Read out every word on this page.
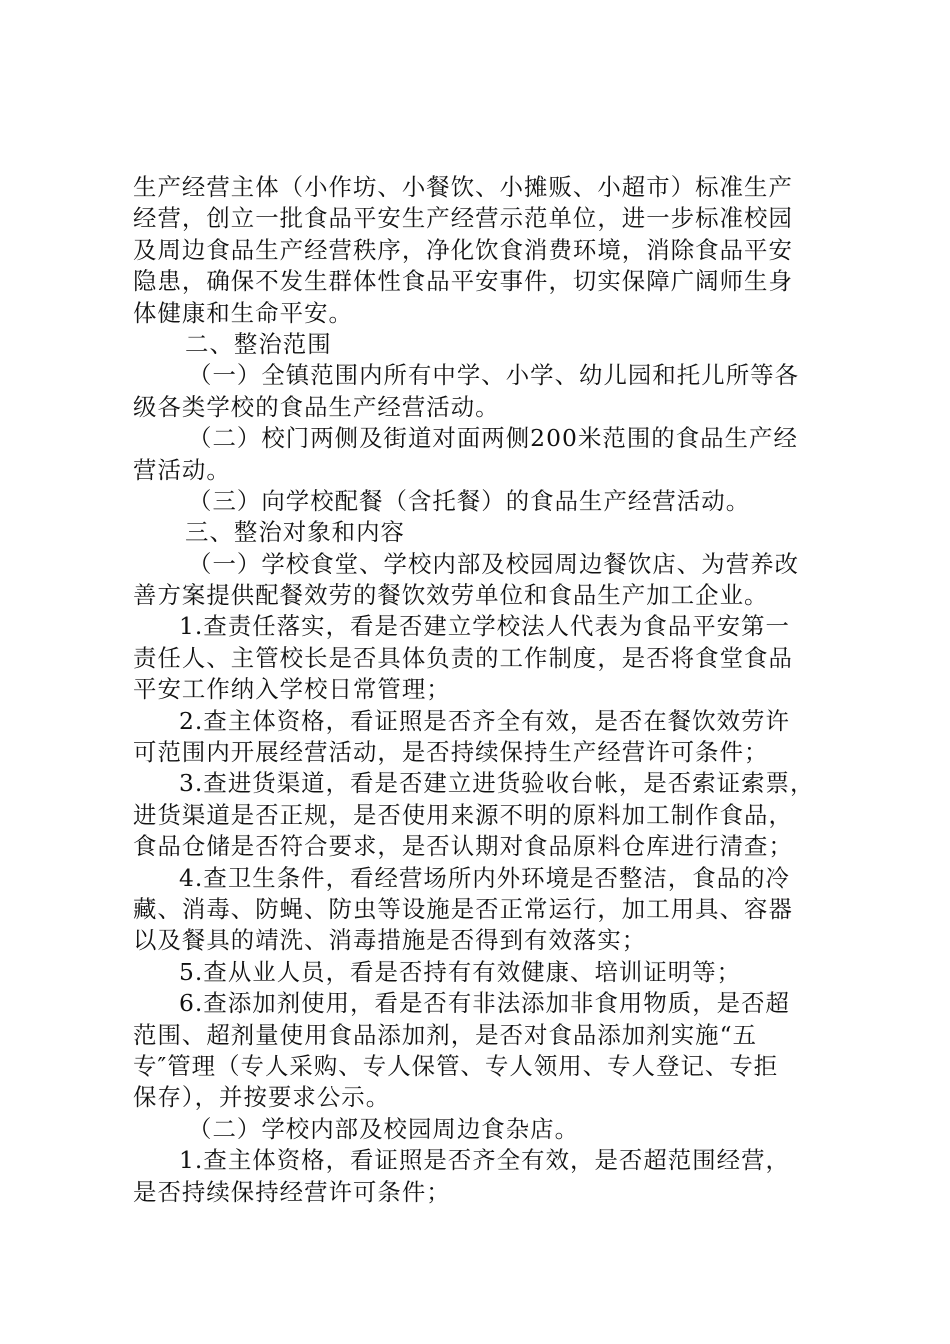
生产经营主体（小作坊、小餐饮、小摊贩、小超市）标准生产
经营，创立一批食品平安生产经营示范单位，进一步标准校园
及周边食品生产经营秩序，净化饮食消费环境，消除食品平安
隐患，确保不发生群体性食品平安事件，切实保障广阔师生身
体健康和生命平安。
二、整治范围
（一）全镇范围内所有中学、小学、幼儿园和托儿所等各
级各类学校的食品生产经营活动。
（二）校门两侧及街道对面两侧200米范围的食品生产经
营活动。
（三）向学校配餐（含托餐）的食品生产经营活动。
三、整治对象和内容
（一）学校食堂、学校内部及校园周边餐饮店、为营养改
善方案提供配餐效劳的餐饮效劳单位和食品生产加工企业。
1.查责任落实，看是否建立学校法人代表为食品平安第一
责任人、主管校长是否具体负责的工作制度，是否将食堂食品
平安工作纳入学校日常管理；
2.查主体资格，看证照是否齐全有效，是否在餐饮效劳许
可范围内开展经营活动，是否持续保持生产经营许可条件；
3.查进货渠道，看是否建立进货验收台帐，是否索证索票，
进货渠道是否正规，是否使用来源不明的原料加工制作食品，
食品仓储是否符合要求，是否认期对食品原料仓库进行清查；
4.查卫生条件，看经营场所内外环境是否整洁，食品的冷
藏、消毒、防蝇、防虫等设施是否正常运行，加工用具、容器
以及餐具的靖洗、消毒措施是否得到有效落实；
5.查从业人员，看是否持有有效健康、培训证明等；
6.查添加剂使用，看是否有非法添加非食用物质，是否超
范围、超剂量使用食品添加剂，是否对食品添加剂实施“五
专″管理（专人采购、专人保管、专人领用、专人登记、专拒
保存），并按要求公示。
（二）学校内部及校园周边食杂店。
1.查主体资格，看证照是否齐全有效，是否超范围经营，
是否持续保持经营许可条件；
